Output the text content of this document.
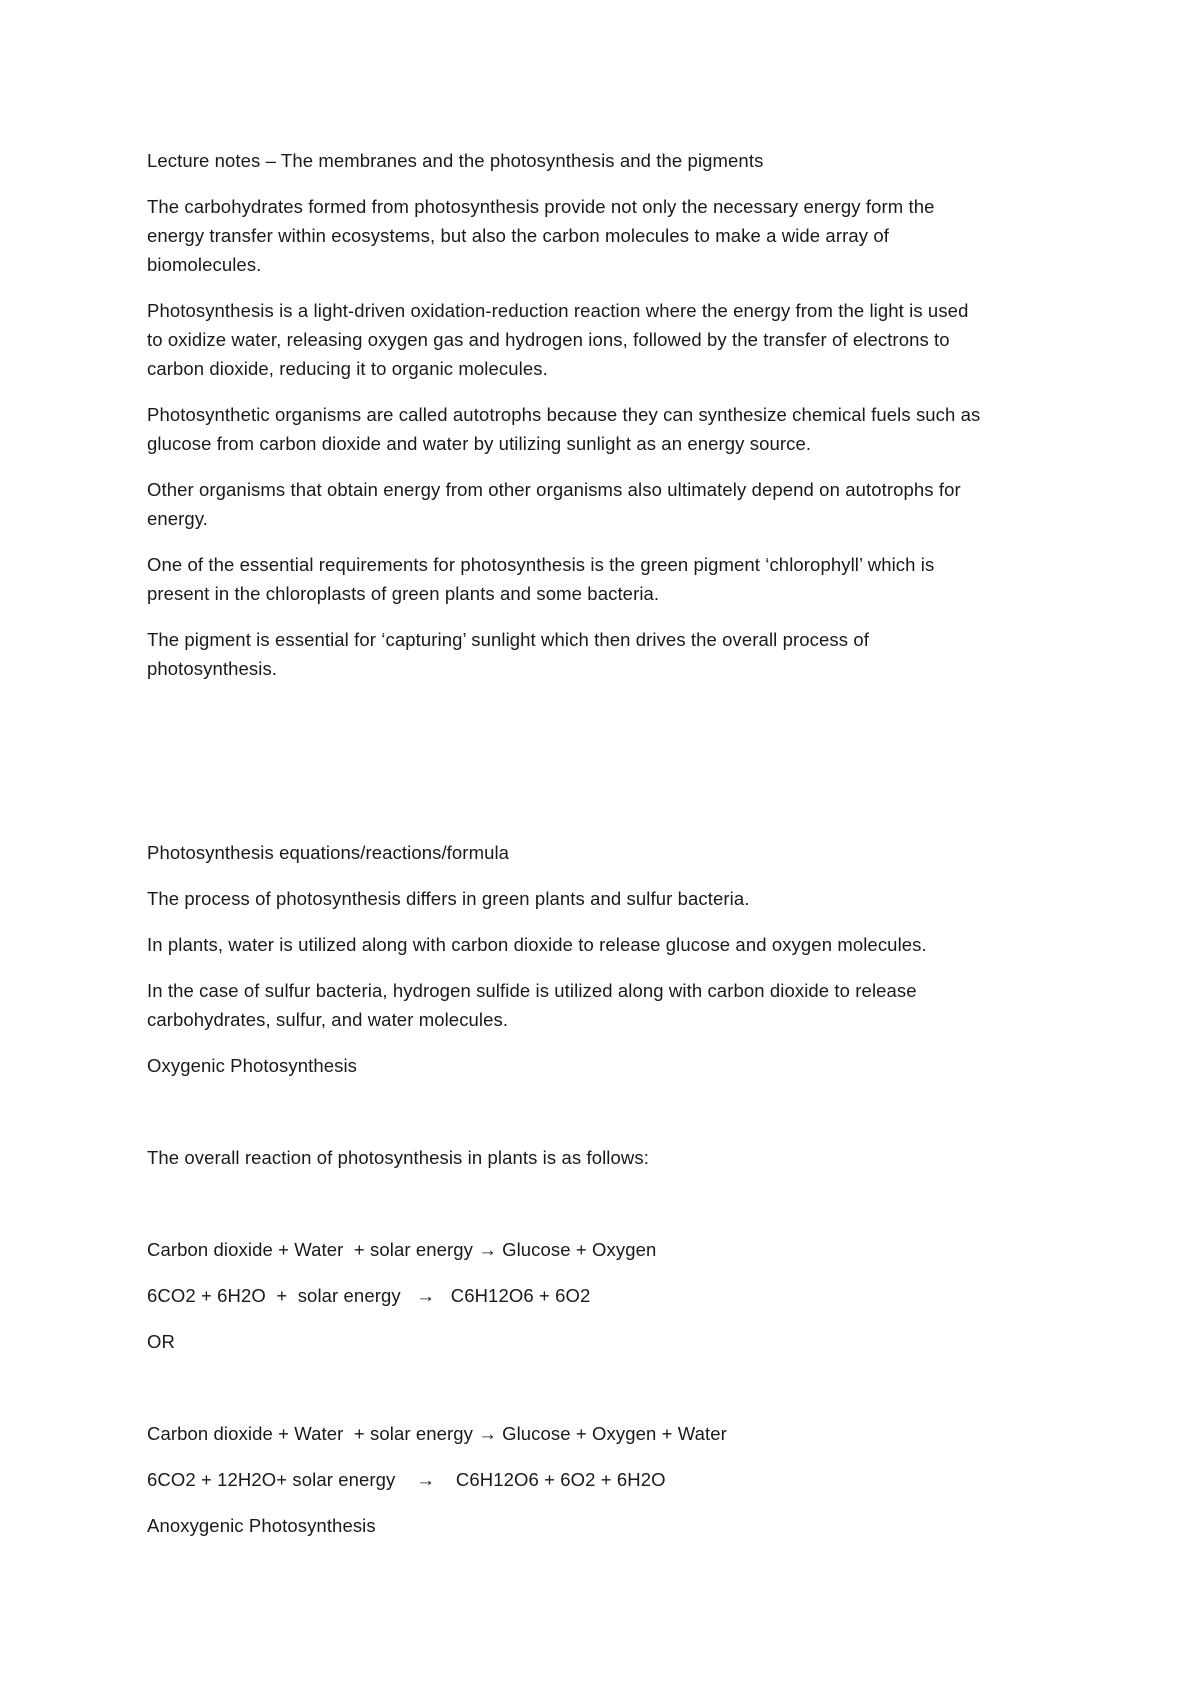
Lecture notes – The membranes and the photosynthesis and the pigments
The carbohydrates formed from photosynthesis provide not only the necessary energy form the
energy transfer within ecosystems, but also the carbon molecules to make a wide array of
biomolecules.
Photosynthesis is a light-driven oxidation-reduction reaction where the energy from the light is used
to oxidize water, releasing oxygen gas and hydrogen ions, followed by the transfer of electrons to
carbon dioxide, reducing it to organic molecules.
Photosynthetic organisms are called autotrophs because they can synthesize chemical fuels such as
glucose from carbon dioxide and water by utilizing sunlight as an energy source.
Other organisms that obtain energy from other organisms also ultimately depend on autotrophs for
energy.
One of the essential requirements for photosynthesis is the green pigment ‘chlorophyll’ which is
present in the chloroplasts of green plants and some bacteria.
The pigment is essential for ‘capturing’ sunlight which then drives the overall process of
photosynthesis.
Photosynthesis equations/reactions/formula
The process of photosynthesis differs in green plants and sulfur bacteria.
In plants, water is utilized along with carbon dioxide to release glucose and oxygen molecules.
In the case of sulfur bacteria, hydrogen sulfide is utilized along with carbon dioxide to release
carbohydrates, sulfur, and water molecules.
Oxygenic Photosynthesis
The overall reaction of photosynthesis in plants is as follows:
Carbon dioxide + Water  + solar energy → Glucose + Oxygen
6CO2 + 6H2O  +  solar energy   →   C6H12O6 + 6O2
OR
Carbon dioxide + Water  + solar energy → Glucose + Oxygen + Water
6CO2 + 12H2O+ solar energy    →    C6H12O6 + 6O2 + 6H2O
Anoxygenic Photosynthesis
